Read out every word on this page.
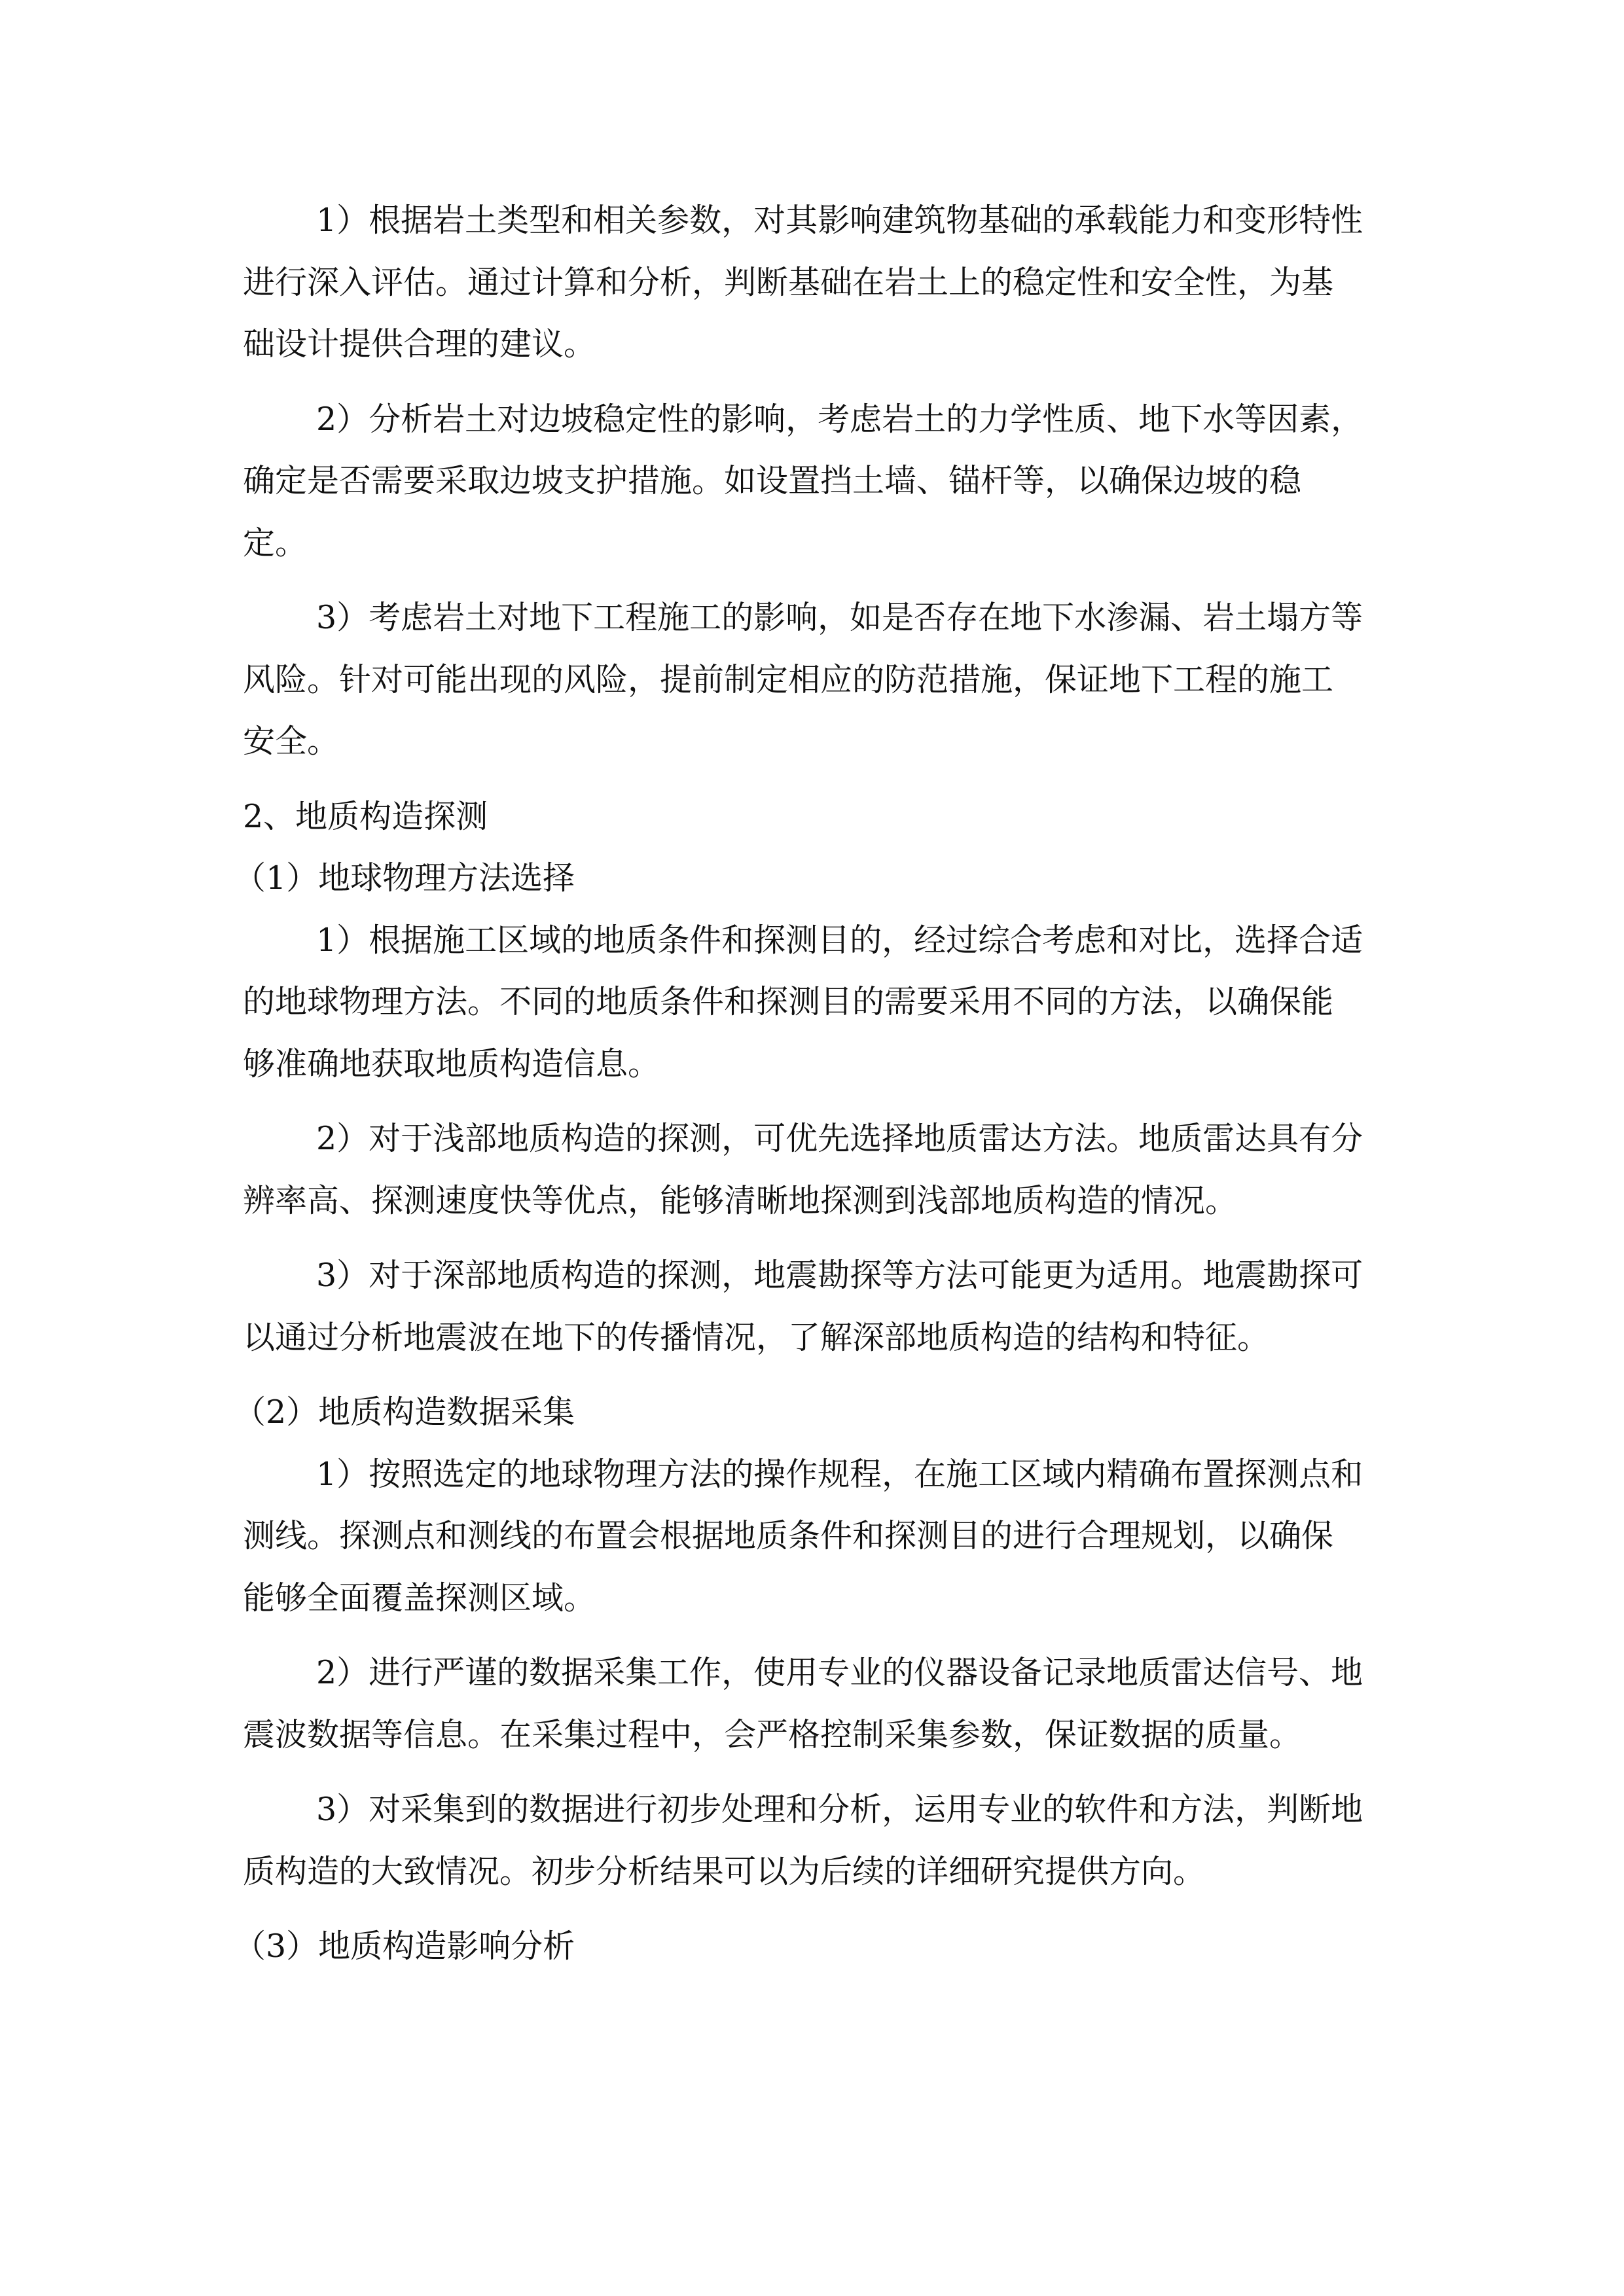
1）根据岩土类型和相关参数，对其影响建筑物基础的承载能力和变形特性
进行深入评估。通过计算和分析，判断基础在岩土上的稳定性和安全性，为基
础设计提供合理的建议。
2）分析岩土对边坡稳定性的影响，考虑岩土的力学性质、地下水等因素，
确定是否需要采取边坡支护措施。如设置挡土墙、锚杆等，以确保边坡的稳
定。
3）考虑岩土对地下工程施工的影响，如是否存在地下水渗漏、岩土塌方等
风险。针对可能出现的风险，提前制定相应的防范措施，保证地下工程的施工
安全。
2、地质构造探测
（1）地球物理方法选择
1）根据施工区域的地质条件和探测目的，经过综合考虑和对比，选择合适
的地球物理方法。不同的地质条件和探测目的需要采用不同的方法，以确保能
够准确地获取地质构造信息。
2）对于浅部地质构造的探测，可优先选择地质雷达方法。地质雷达具有分
辨率高、探测速度快等优点，能够清晰地探测到浅部地质构造的情况。
3）对于深部地质构造的探测，地震勘探等方法可能更为适用。地震勘探可
以通过分析地震波在地下的传播情况，了解深部地质构造的结构和特征。
（2）地质构造数据采集
1）按照选定的地球物理方法的操作规程，在施工区域内精确布置探测点和
测线。探测点和测线的布置会根据地质条件和探测目的进行合理规划，以确保
能够全面覆盖探测区域。
2）进行严谨的数据采集工作，使用专业的仪器设备记录地质雷达信号、地
震波数据等信息。在采集过程中，会严格控制采集参数，保证数据的质量。
3）对采集到的数据进行初步处理和分析，运用专业的软件和方法，判断地
质构造的大致情况。初步分析结果可以为后续的详细研究提供方向。
（3）地质构造影响分析
